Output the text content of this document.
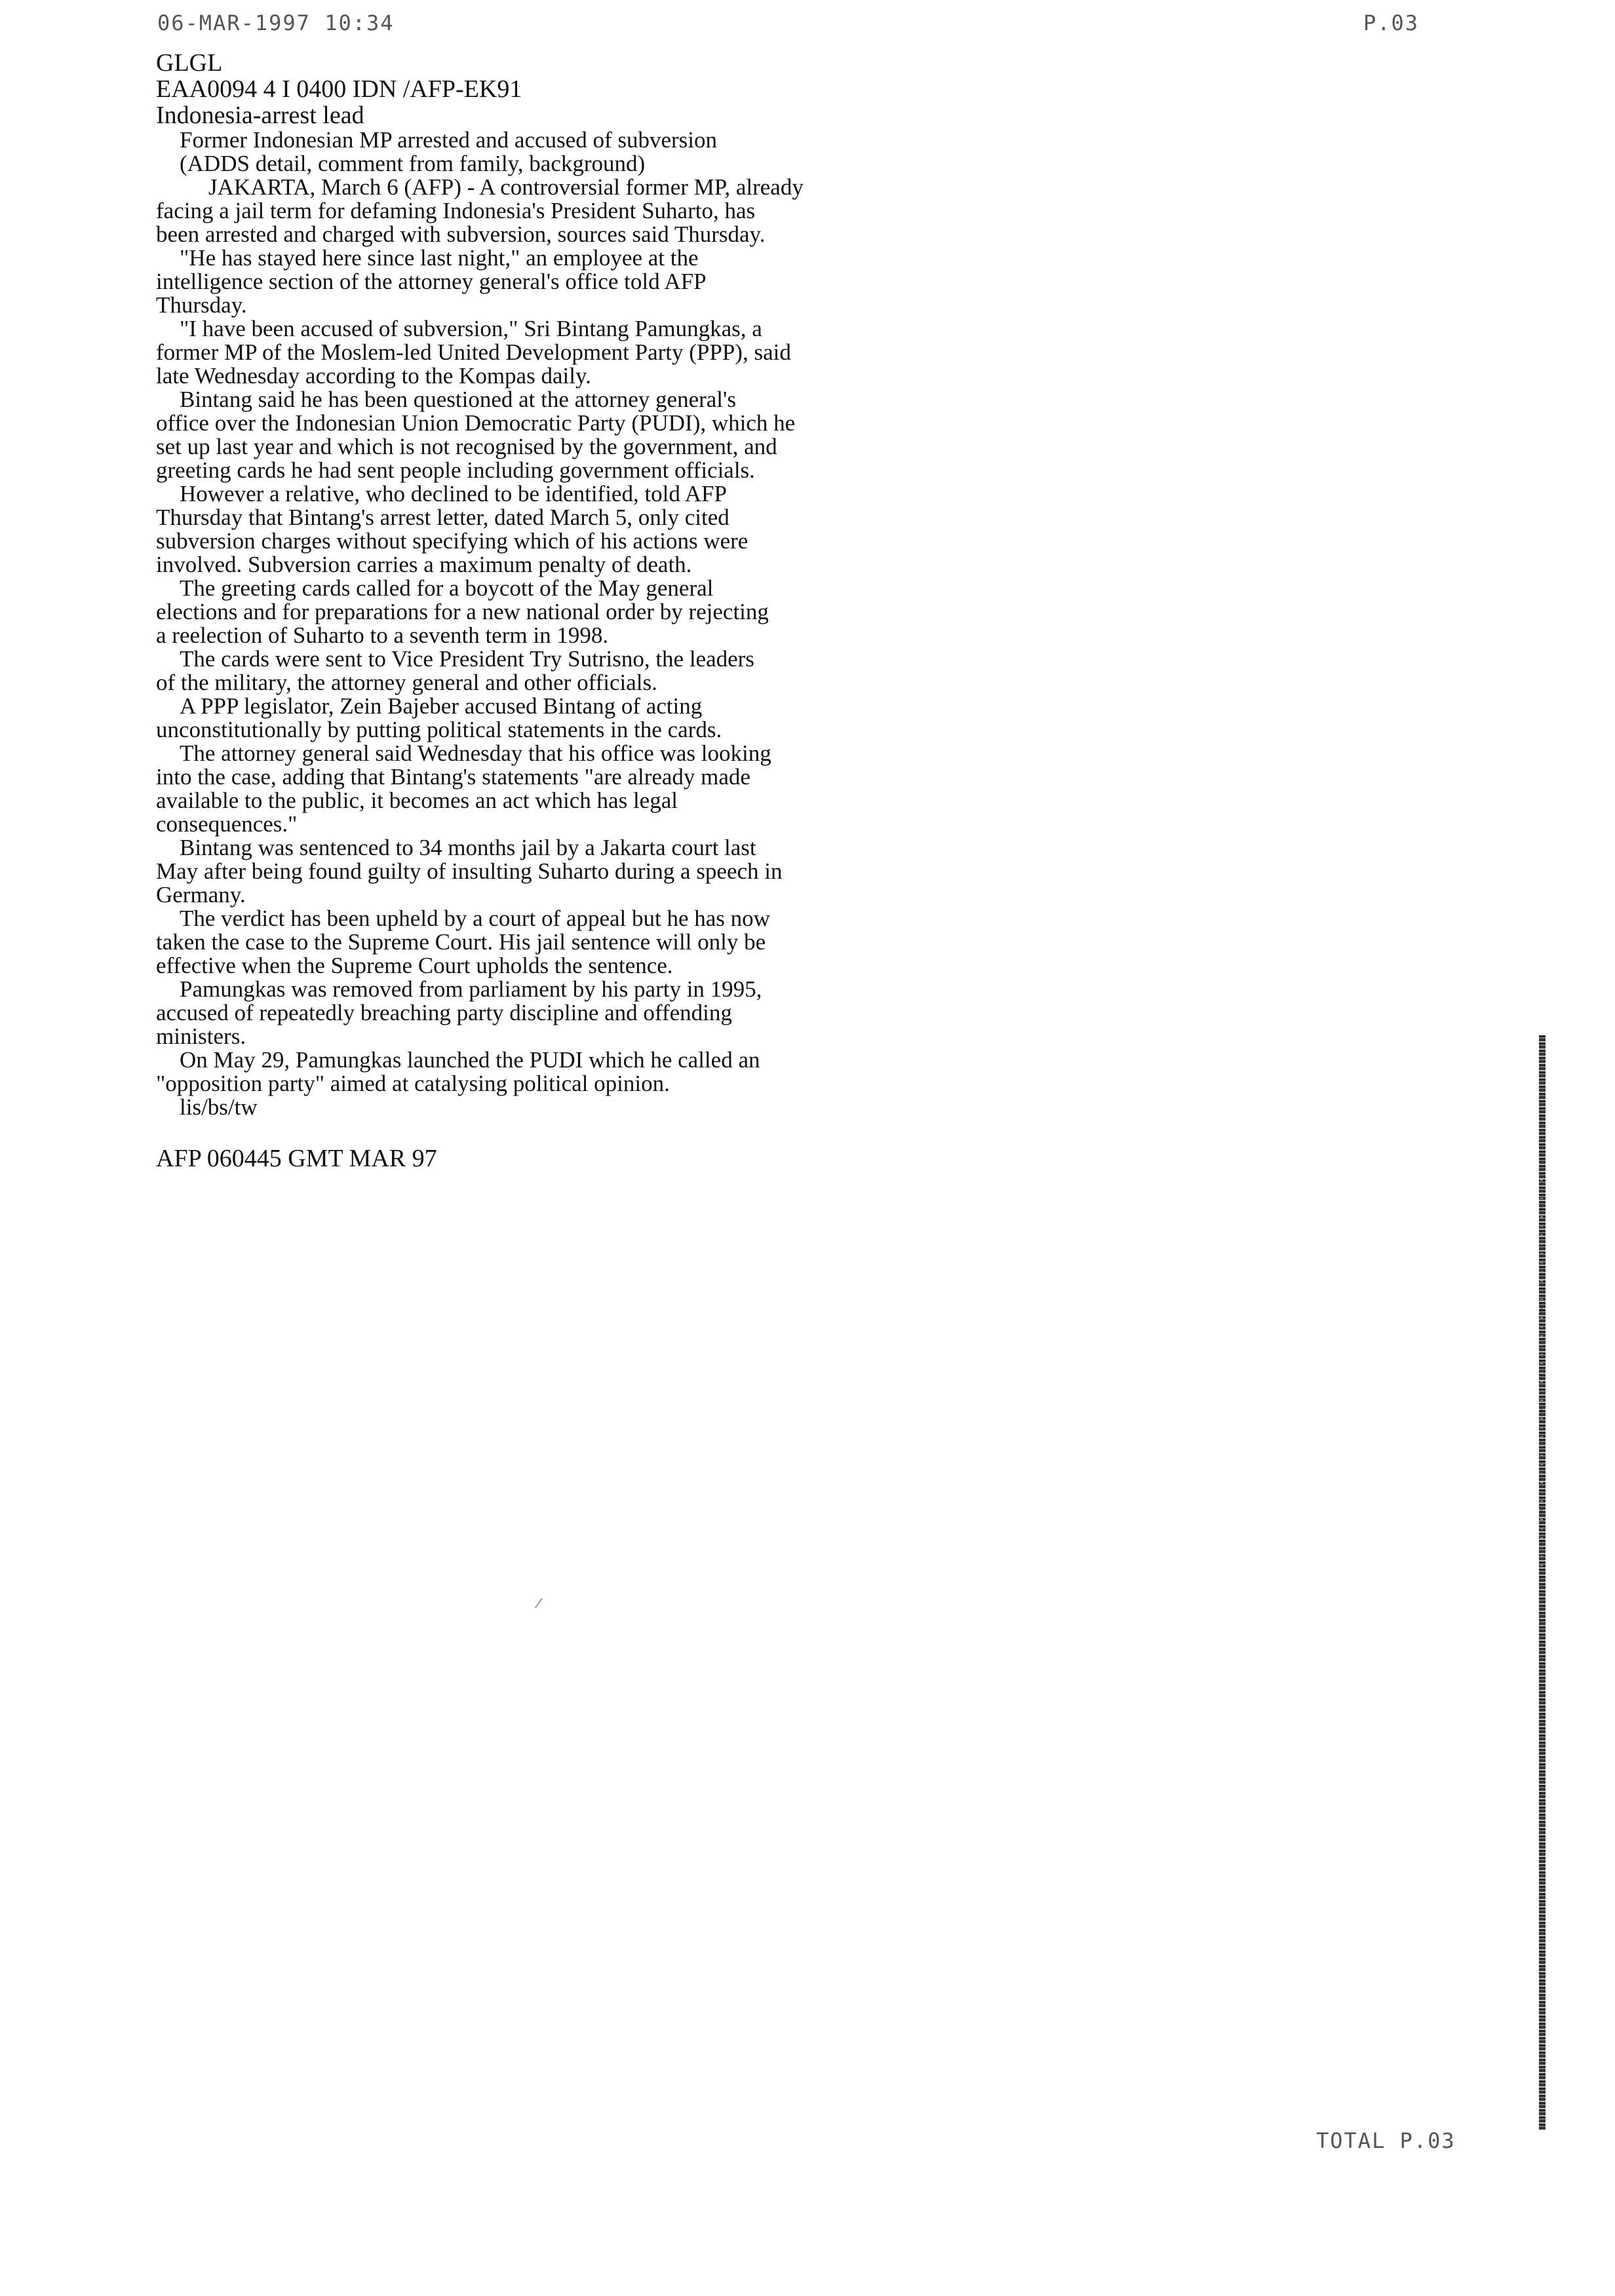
06-MAR-1997 10:34	P.03
GLGL
EAA0094 4 I 0400 IDN /AFP-EK91
Indonesia-arrest lead
Former Indonesian MP arrested and accused of subversion
(ADDS detail, comment from family, background)
JAKARTA, March 6 (AFP) - A controversial former MP, already
facing a jail term for defaming Indonesia's President Suharto, has
been arrested and charged with subversion, sources said Thursday.
"He has stayed here since last night," an employee at the
intelligence section of the attorney general's office told AFP
Thursday.
"I have been accused of subversion," Sri Bintang Pamungkas, a
former MP of the Moslem-led United Development Party (PPP), said
late Wednesday according to the Kompas daily.
Bintang said he has been questioned at the attorney general's
office over the Indonesian Union Democratic Party (PUDI), which he
set up last year and which is not recognised by the government, and
greeting cards he had sent people including government officials.
However a relative, who declined to be identified, told AFP
Thursday that Bintang's arrest letter, dated March 5, only cited
subversion charges without specifying which of his actions were
involved. Subversion carries a maximum penalty of death.
The greeting cards called for a boycott of the May general
elections and for preparations for a new national order by rejecting
a reelection of Suharto to a seventh term in 1998.
The cards were sent to Vice President Try Sutrisno, the leaders
of the military, the attorney general and other officials.
A PPP legislator, Zein Bajeber accused Bintang of acting
unconstitutionally by putting political statements in the cards.
The attorney general said Wednesday that his office was looking
into the case, adding that Bintang's statements "are already made
available to the public, it becomes an act which has legal
consequences."
Bintang was sentenced to 34 months jail by a Jakarta court last
May after being found guilty of insulting Suharto during a speech in
Germany.
The verdict has been upheld by a court of appeal but he has now
taken the case to the Supreme Court. His jail sentence will only be
effective when the Supreme Court upholds the sentence.
Pamungkas was removed from parliament by his party in 1995,
accused of repeatedly breaching party discipline and offending
ministers.
On May 29, Pamungkas launched the PUDI which he called an
"opposition party" aimed at catalysing political opinion.
lis/bs/tw
AFP 060445 GMT MAR 97
TOTAL P.03
